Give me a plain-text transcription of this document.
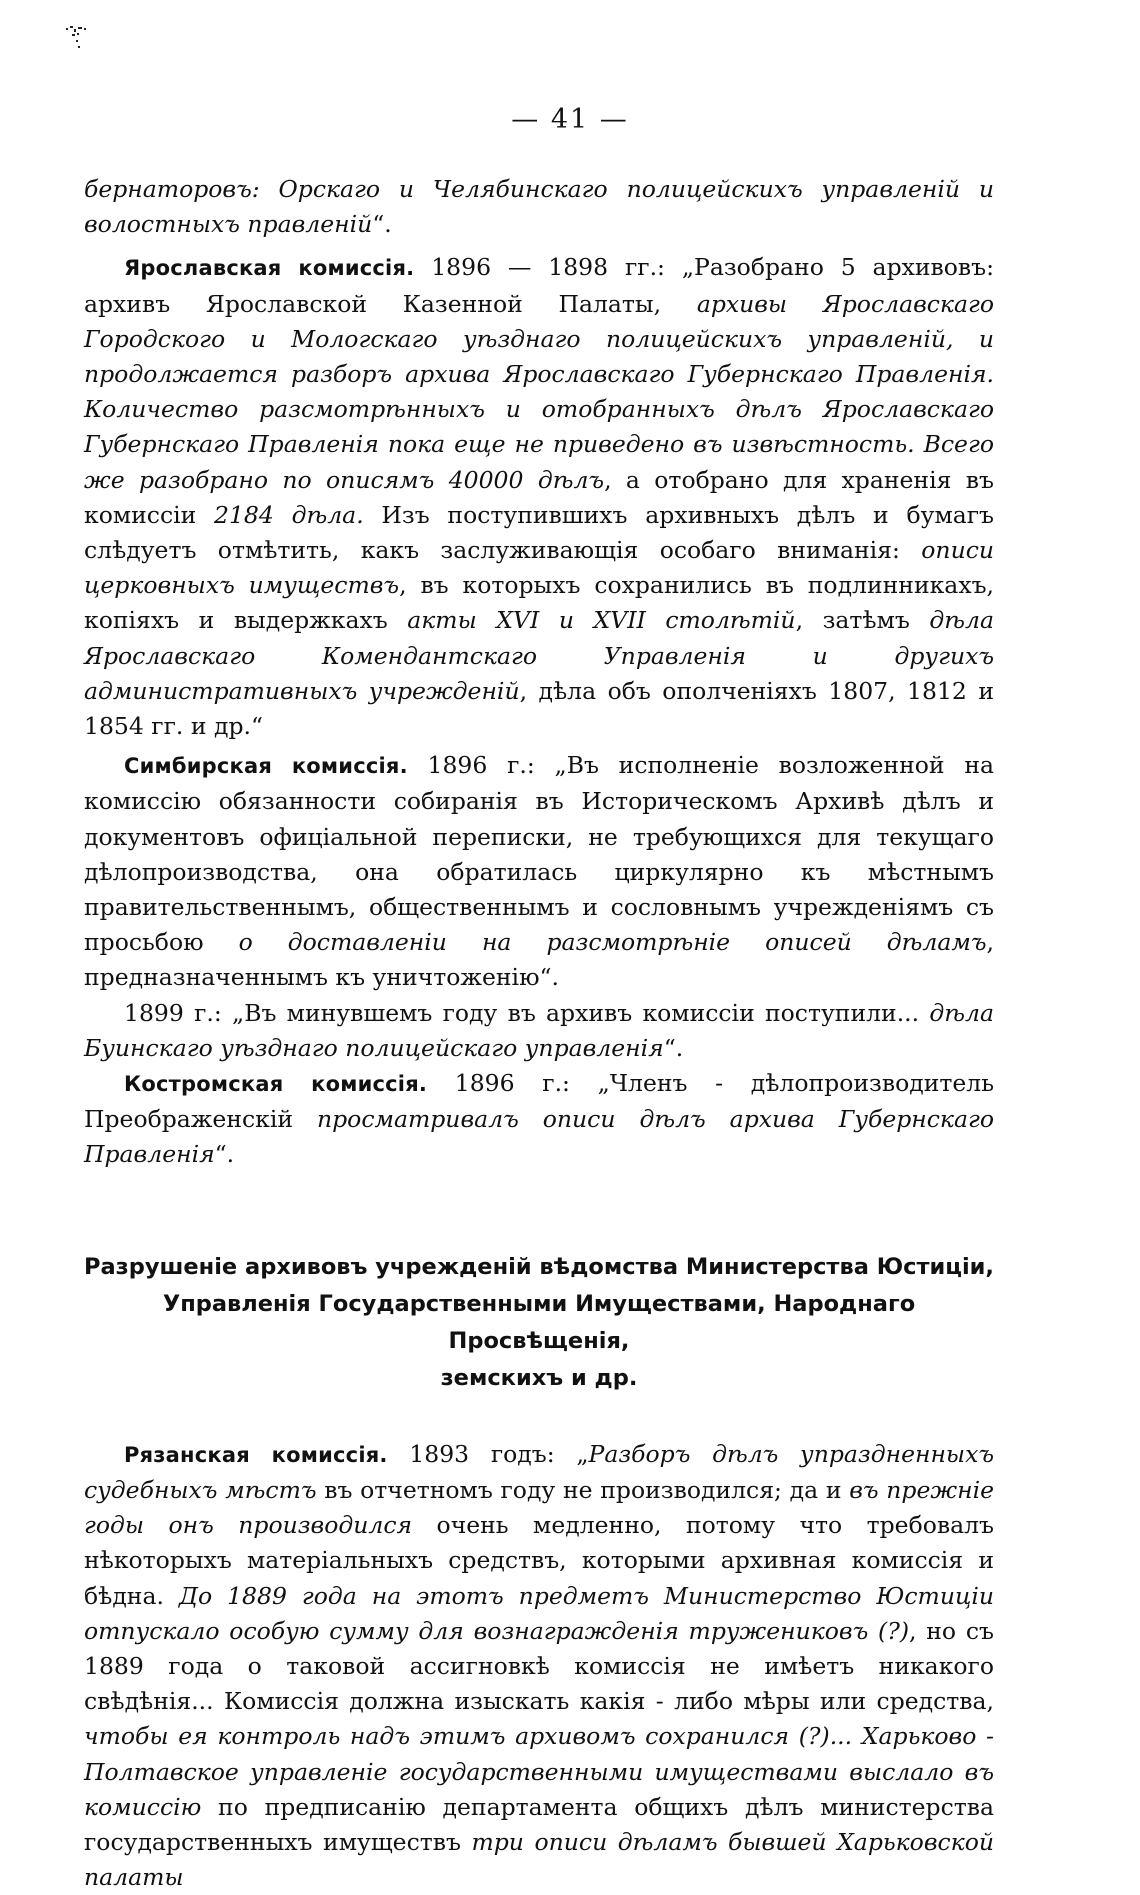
— 41 —

бернаторовъ: Орскаго и Челябинскаго полицейскихъ управленій и волостныхъ правленій“.

Ярославская комиссія. 1896 — 1898 гг.: „Разобрано 5 архивовъ: архивъ Ярославской Казенной Палаты, архивы Ярославскаго Городского и Мологскаго уѣзднаго полицейскихъ управленій, и продолжается разборъ архива Ярославскаго Губернскаго Правленія. Количество разсмотрѣнныхъ и отобранныхъ дѣлъ Ярославскаго Губернскаго Правленія пока еще не приведено въ извѣстность. Всего же разобрано по описямъ 40000 дѣлъ, а отобрано для храненія въ комиссіи 2184 дѣла. Изъ поступившихъ архивныхъ дѣлъ и бумагъ слѣдуетъ отмѣтить, какъ заслуживающія особаго вниманія: описи церковныхъ имуществъ, въ которыхъ сохранились въ подлинникахъ, копіяхъ и выдержкахъ акты XVI и XVII столѣтій, затѣмъ дѣла Ярославскаго Комендантскаго Управленія и другихъ административныхъ учрежденій, дѣла объ ополченіяхъ 1807, 1812 и 1854 гг. и др.“

Симбирская комиссія. 1896 г.: „Въ исполненіе возложенной на комиссію обязанности собиранія въ Историческомъ Архивѣ дѣлъ и документовъ офиціальной переписки, не требующихся для текущаго дѣлопроизводства, она обратилась циркулярно къ мѣстнымъ правительственнымъ, общественнымъ и сословнымъ учрежденіямъ съ просьбою о доставленіи на разсмотрѣніе описей дѣламъ, предназначеннымъ къ уничтоженію“.

1899 г.: „Въ минувшемъ году въ архивъ комиссіи поступили... дѣла Буинскаго уѣзднаго полицейскаго управленія“.

Костромская комиссія. 1896 г.: „Членъ - дѣлопроизводитель Преображенскій просматривалъ описи дѣлъ архива Губернскаго Правленія“.

Разрушеніе архивовъ учрежденій вѣдомства Министерства Юстиціи,
Управленія Государственными Имуществами, Народнаго Просвѣщенія,
земскихъ и др.

Рязанская комиссія. 1893 годъ: „Разборъ дѣлъ упраздненныхъ судебныхъ мѣстъ въ отчетномъ году не производился; да и въ прежніе годы онъ производился очень медленно, потому что требовалъ нѣкоторыхъ матеріальныхъ средствъ, которыми архивная комиссія и бѣдна. До 1889 года на этотъ предметъ Министерство Юстиціи отпускало особую сумму для вознагражденія тружениковъ (?), но съ 1889 года о таковой ассигновкѣ комиссія не имѣетъ никакого свѣдѣнія... Комиссія должна изыскать какія - либо мѣры или средства, чтобы ея контроль надъ этимъ архивомъ сохранился (?)... Харьково - Полтавское управленіе государственными имуществами выслало въ комиссію по предписанію департамента общихъ дѣлъ министерства государственныхъ имуществъ три описи дѣламъ бывшей Харьковской палаты
